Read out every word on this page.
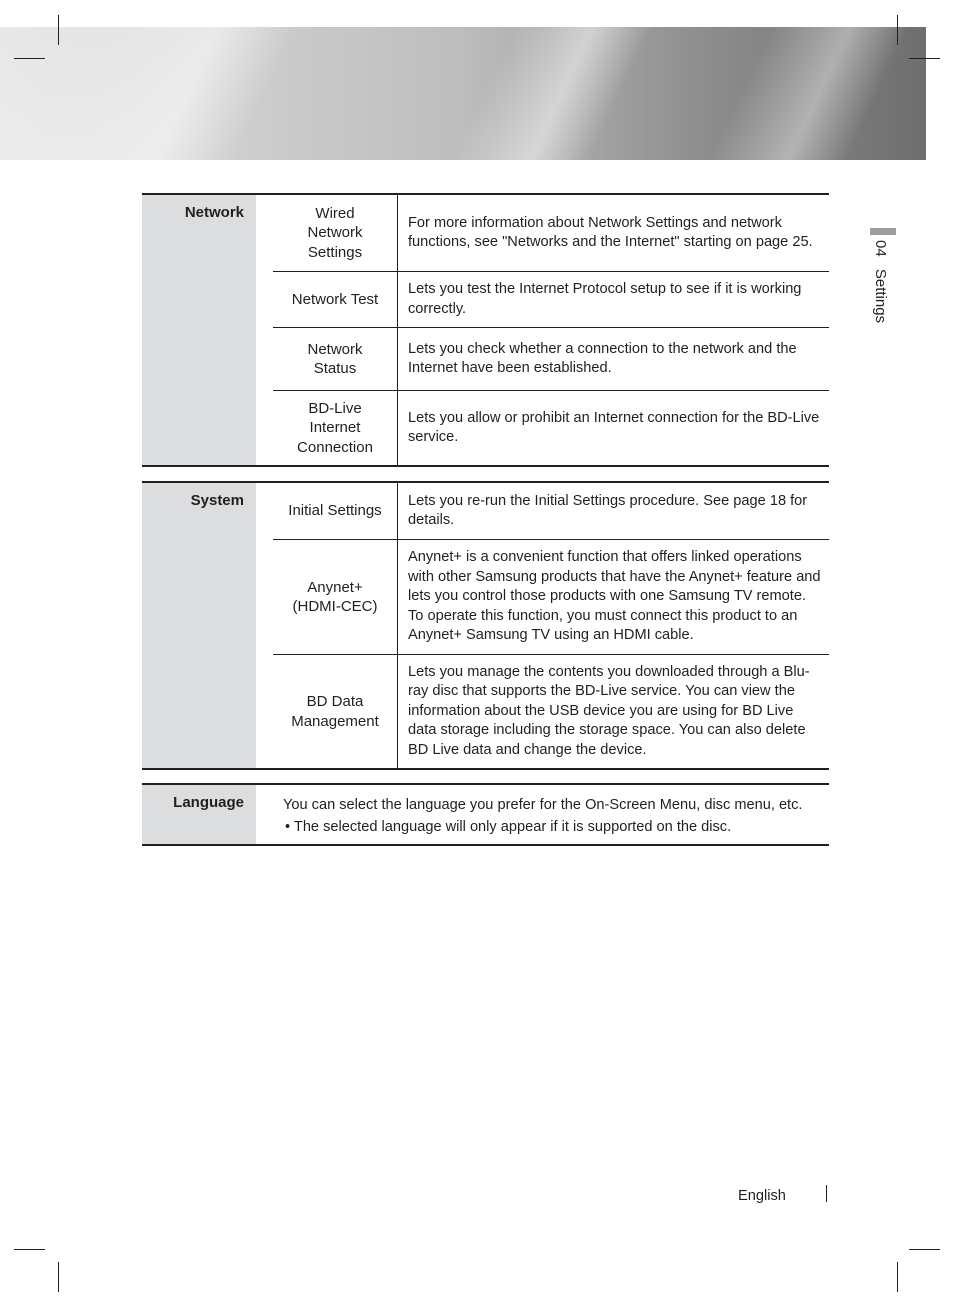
04 Settings
Network	Wired
Network
Settings
For more information about Network Settings and network functions, see "Networks and the Internet" starting on page 25.
Network Test
Lets you test the Internet Protocol setup to see if it is working correctly.
Network
Status
Lets you check whether a connection to the network and the Internet have been established.
BD-Live
Internet
Connection
Lets you allow or prohibit an Internet connection for the BD-Live service.
System
Initial Settings
Lets you re-run the Initial Settings procedure. See page 18 for details.
Anynet+
(HDMI-CEC)
Anynet+ is a convenient function that offers linked operations with other Samsung products that have the Anynet+ feature and lets you control those products with one Samsung TV remote. To operate this function, you must connect this product to an Anynet+ Samsung TV using an HDMI cable.
BD Data
Management
Lets you manage the contents you downloaded through a Blu-ray disc that supports the BD-Live service. You can view the information about the USB device you are using for BD Live data storage including the storage space. You can also delete BD Live data and change the device.
Language	You can select the language you prefer for the On-Screen Menu, disc menu, etc.
• The selected language will only appear if it is supported on the disc.
English
